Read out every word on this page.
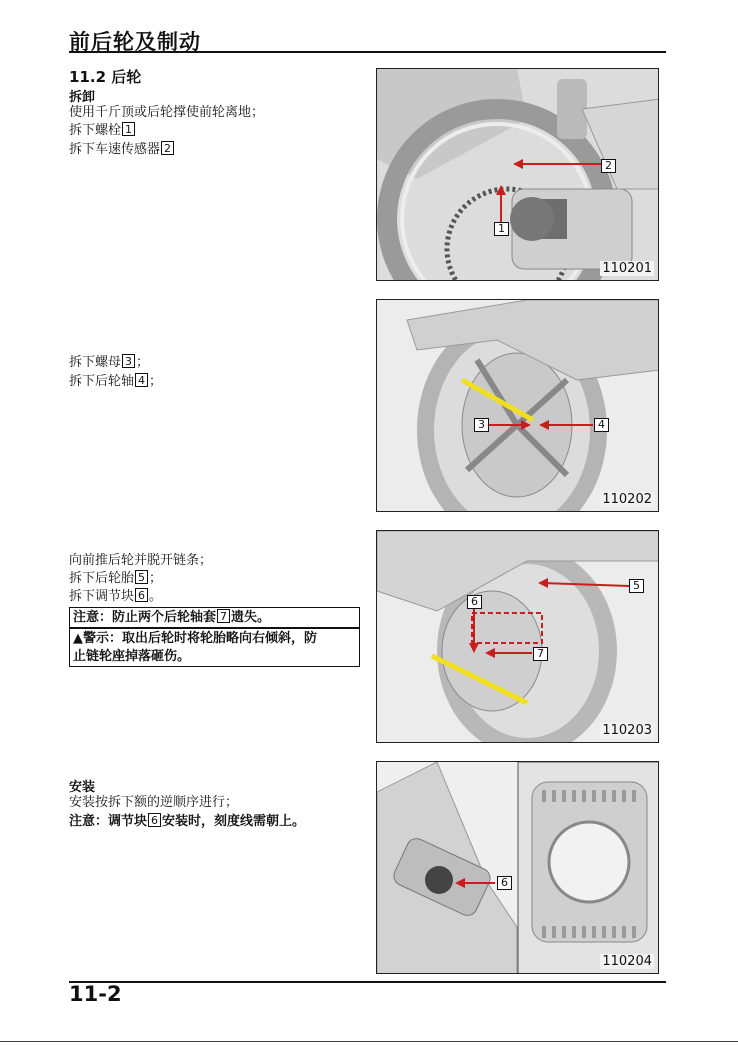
前后轮及制动
11.2 后轮
拆卸
使用千斤顶或后轮撑使前轮离地；
拆下螺栓 1
拆下车速传感器 2
拆下螺母 3 ；
拆下后轮轴 4 ；
向前推后轮并脱开链条；
拆下后轮胎 5 ；
拆下调节块 6 。
注意：防止两个后轮轴套 7 遗失。
▲警示：取出后轮时将轮胎略向右倾斜，防
止链轮座掉落砸伤。
安装
安装按拆下额的逆顺序进行；
注意：调节块 6 安装时，刻度线需朝上。
2
1
110201
3	4
110202
5
6
7
110203
6
110204
11-2
